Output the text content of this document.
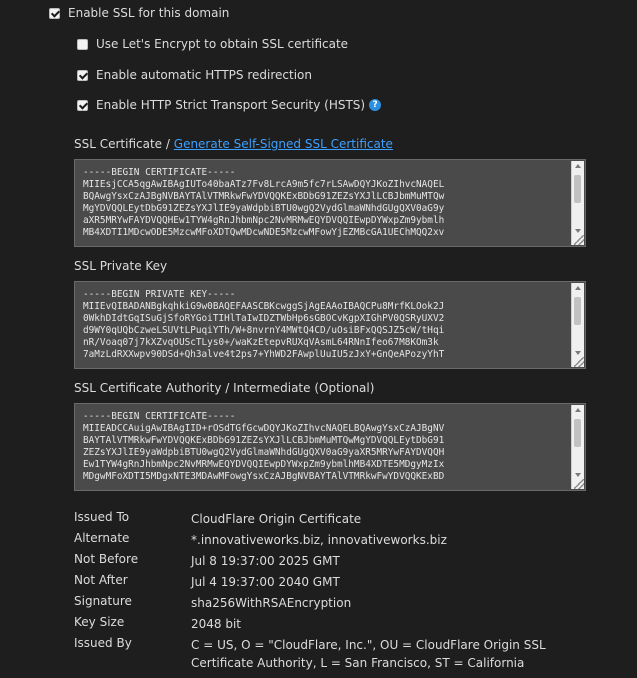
Enable SSL for this domain
Use Let's Encrypt to obtain SSL certificate
Enable automatic HTTPS redirection
Enable HTTP Strict Transport Security (HSTS) ?
SSL Certificate / Generate Self-Signed SSL Certificate
-----BEGIN CERTIFICATE-----
MIIEsjCCA5qgAwIBAgIUTo40baATz7Fv8LrcA9m5fc7rLSAwDQYJKoZIhvcNAQEL
BQAwgYsxCzAJBgNVBAYTAlVTMRkwFwYDVQQKExBDbG91ZEZsYXJlLCBJbmMuMTQw
MgYDVQQLEytDbG91ZEZsYXJlIE9yaWdpbiBTU0wgQ2VydGlmaWNhdGUgQXV0aG9y
aXR5MRYwFAYDVQQHEw1TYW4gRnJhbmNpc2NvMRMwEQYDVQQIEwpDYWxpZm9ybmlh
MB4XDTI1MDcwODE5MzcwMFoXDTQwMDcwNDE5MzcwMFowYjEZMBcGA1UEChMQQ2xv
SSL Private Key
-----BEGIN PRIVATE KEY-----
MIIEvQIBADANBgkqhkiG9w0BAQEFAASCBKcwggSjAgEAAoIBAQCPu8MrfKLOok2J
0WkhDIdtGqISuGjSfoRYGoiTIHlTaIwIDZTWbHp6sGBOCvKgpXIGhPV0QSRyUXV2
d9WY0qUQbCzweLSUVtLPuqiYTh/W+8nvrnY4MWtQ4CD/uOsiBFxQQSJZ5cW/tHqi
nR/Voaq07j7kXZvqOUScTLys0+/waKzEtepvRUXqVAsmL64RNnIfeo67M8KOm3k
7aMzLdRXXwpv90DSd+Qh3alve4t2ps7+YhWD2FAwplUuIU5zJxY+GnQeAPozyYhT
SSL Certificate Authority / Intermediate (Optional)
-----BEGIN CERTIFICATE-----
MIIEADCCAuigAwIBAgIID+rOSdTGfGcwDQYJKoZIhvcNAQELBQAwgYsxCzAJBgNV
BAYTAlVTMRkwFwYDVQQKExBDbG91ZEZsYXJlLCBJbmMuMTQwMgYDVQQLEytDbG91
ZEZsYXJlIE9yaWdpbiBTU0wgQ2VydGlmaWNhdGUgQXV0aG9yaXR5MRYwFAYDVQQH
Ew1TYW4gRnJhbmNpc2NvMRMwEQYDVQQIEwpDYWxpZm9ybmlhMB4XDTE5MDgyMzIx
MDgwMFoXDTI5MDgxNTE3MDAwMFowgYsxCzAJBgNVBAYTAlVTMRkwFwYDVQQKExBD
Issued To	CloudFlare Origin Certificate
Alternate	*.innovativeworks.biz, innovativeworks.biz
Not Before	Jul 8 19:37:00 2025 GMT
Not After	Jul 4 19:37:00 2040 GMT
Signature	sha256WithRSAEncryption
Key Size	2048 bit
Issued By	C = US, O = "CloudFlare, Inc.", OU = CloudFlare Origin SSL Certificate Authority, L = San Francisco, ST = California
